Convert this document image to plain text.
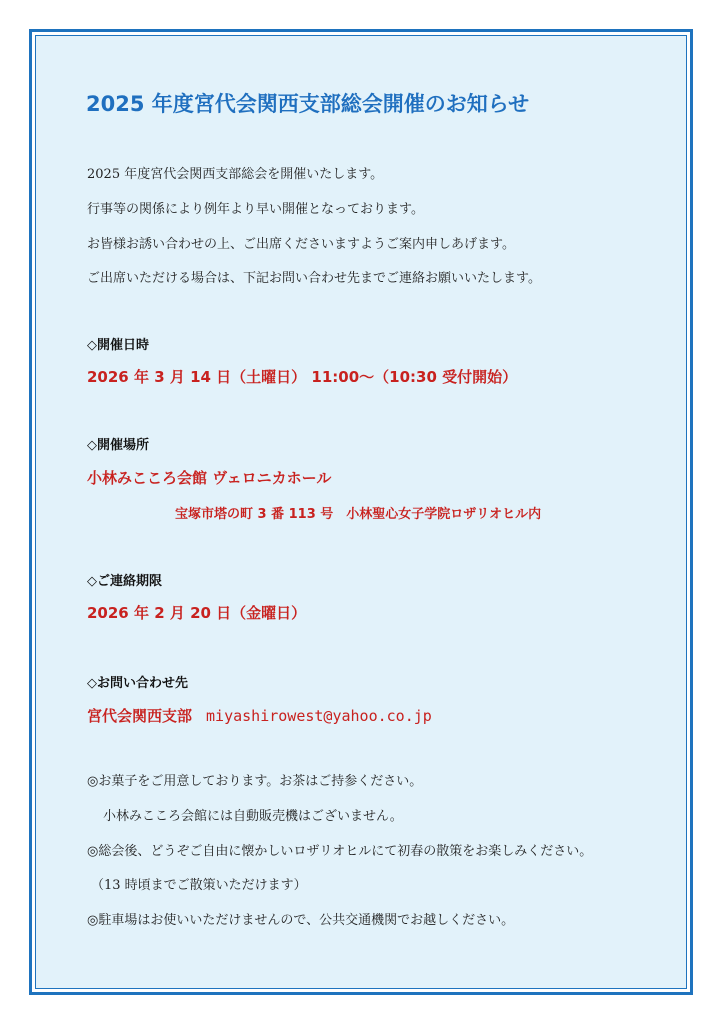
2025 年度宮代会関西支部総会開催のお知らせ
2025 年度宮代会関西支部総会を開催いたします。
行事等の関係により例年より早い開催となっております。
お皆様お誘い合わせの上、ご出席くださいますようご案内申しあげます。
ご出席いただける場合は、下記お問い合わせ先までご連絡お願いいたします。
◇開催日時
2026 年 3 月 14 日（土曜日） 11:00～（10:30 受付開始）
◇開催場所
小林みこころ会館 ヴェロニカホール
宝塚市塔の町 3 番 113 号　小林聖心女子学院ロザリオヒル内
◇ご連絡期限
2026 年 2 月 20 日（金曜日）
◇お問い合わせ先
宮代会関西支部 miyashirowest@yahoo.co.jp
◎お菓子をご用意しております。お茶はご持参ください。
小林みこころ会館には自動販売機はございません。
◎総会後、どうぞご自由に懐かしいロザリオヒルにて初春の散策をお楽しみください。
（13 時頃までご散策いただけます）
◎駐車場はお使いいただけませんので、公共交通機関でお越しください。
